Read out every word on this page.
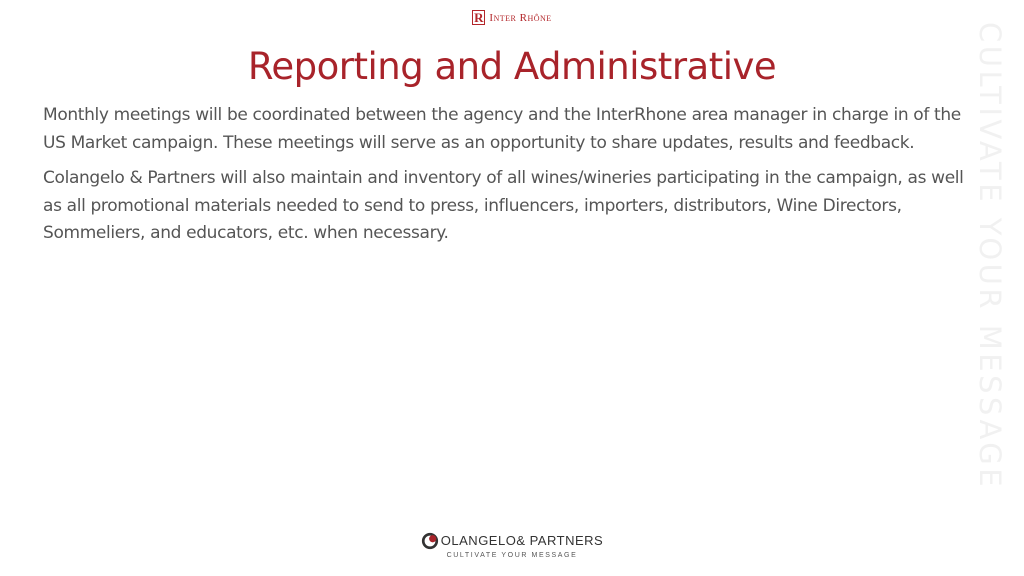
R Inter Rhône
Reporting and Administrative

Monthly meetings will be coordinated between the agency and the InterRhone area manager in charge in of the US Market campaign. These meetings will serve as an opportunity to share updates, results and feedback.

Colangelo & Partners will also maintain and inventory of all wines/wineries participating in the campaign, as well as all promotional materials needed to send to press, influencers, importers, distributors, Wine Directors, Sommeliers, and educators, etc. when necessary.	CULTIVATE YOUR MESSAGE
OLANGELO& PARTNERS
CULTIVATE YOUR MESSAGE
